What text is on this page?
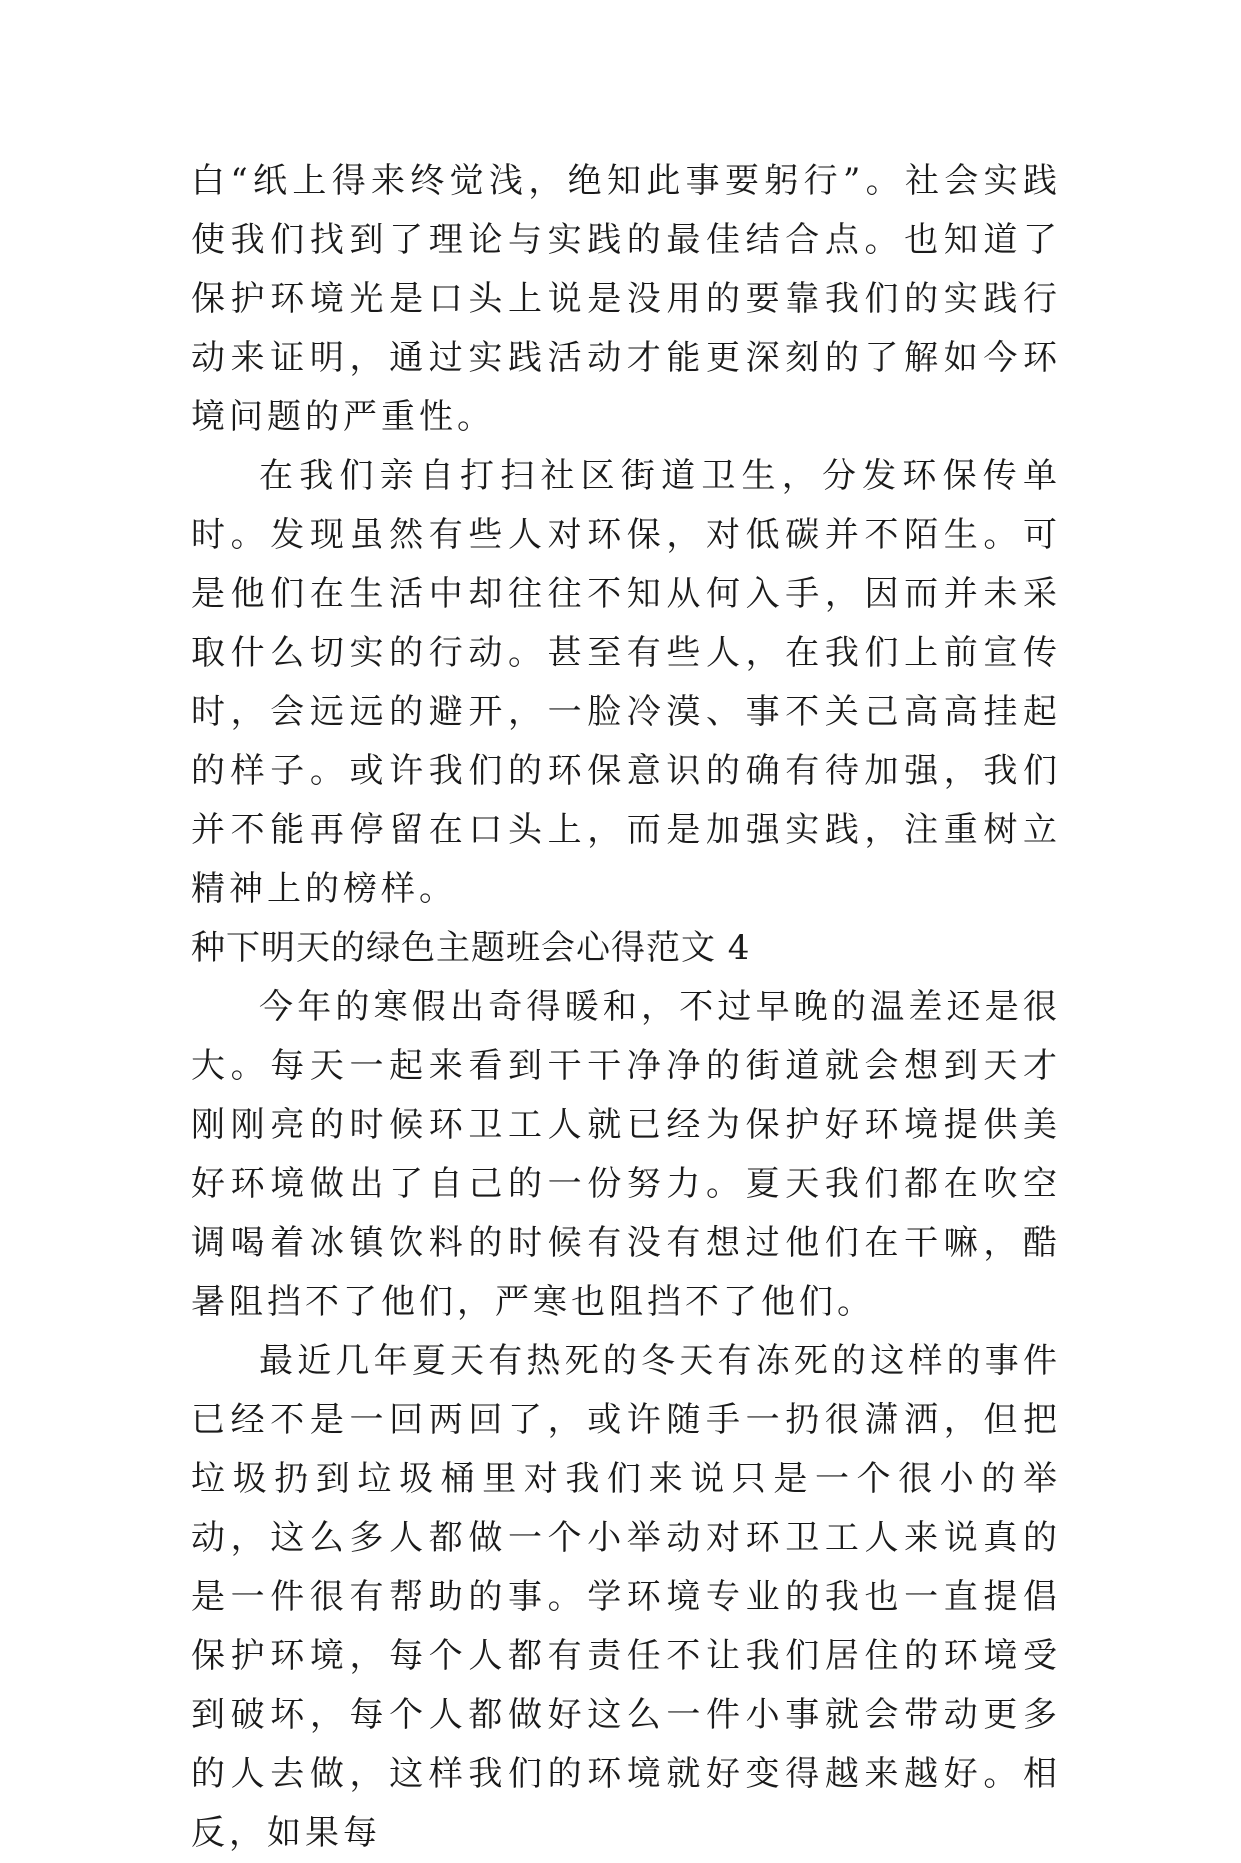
白“纸上得来终觉浅，绝知此事要躬行”。社会实践使我们找到了理论与实践的最佳结合点。也知道了保护环境光是口头上说是没用的要靠我们的实践行动来证明，通过实践活动才能更深刻的了解如今环境问题的严重性。

在我们亲自打扫社区街道卫生，分发环保传单时。发现虽然有些人对环保，对低碳并不陌生。可是他们在生活中却往往不知从何入手，因而并未采取什么切实的行动。甚至有些人，在我们上前宣传时，会远远的避开，一脸冷漠、事不关己高高挂起的样子。或许我们的环保意识的确有待加强，我们并不能再停留在口头上，而是加强实践，注重树立精神上的榜样。

种下明天的绿色主题班会心得范文 4

今年的寒假出奇得暖和，不过早晚的温差还是很大。每天一起来看到干干净净的街道就会想到天才刚刚亮的时候环卫工人就已经为保护好环境提供美好环境做出了自己的一份努力。夏天我们都在吹空调喝着冰镇饮料的时候有没有想过他们在干嘛，酷暑阻挡不了他们，严寒也阻挡不了他们。

最近几年夏天有热死的冬天有冻死的这样的事件已经不是一回两回了，或许随手一扔很潇洒，但把垃圾扔到垃圾桶里对我们来说只是一个很小的举动，这么多人都做一个小举动对环卫工人来说真的是一件很有帮助的事。学环境专业的我也一直提倡保护环境，每个人都有责任不让我们居住的环境受到破坏，每个人都做好这么一件小事就会带动更多的人去做，这样我们的环境就好变得越来越好。相反，如果每
